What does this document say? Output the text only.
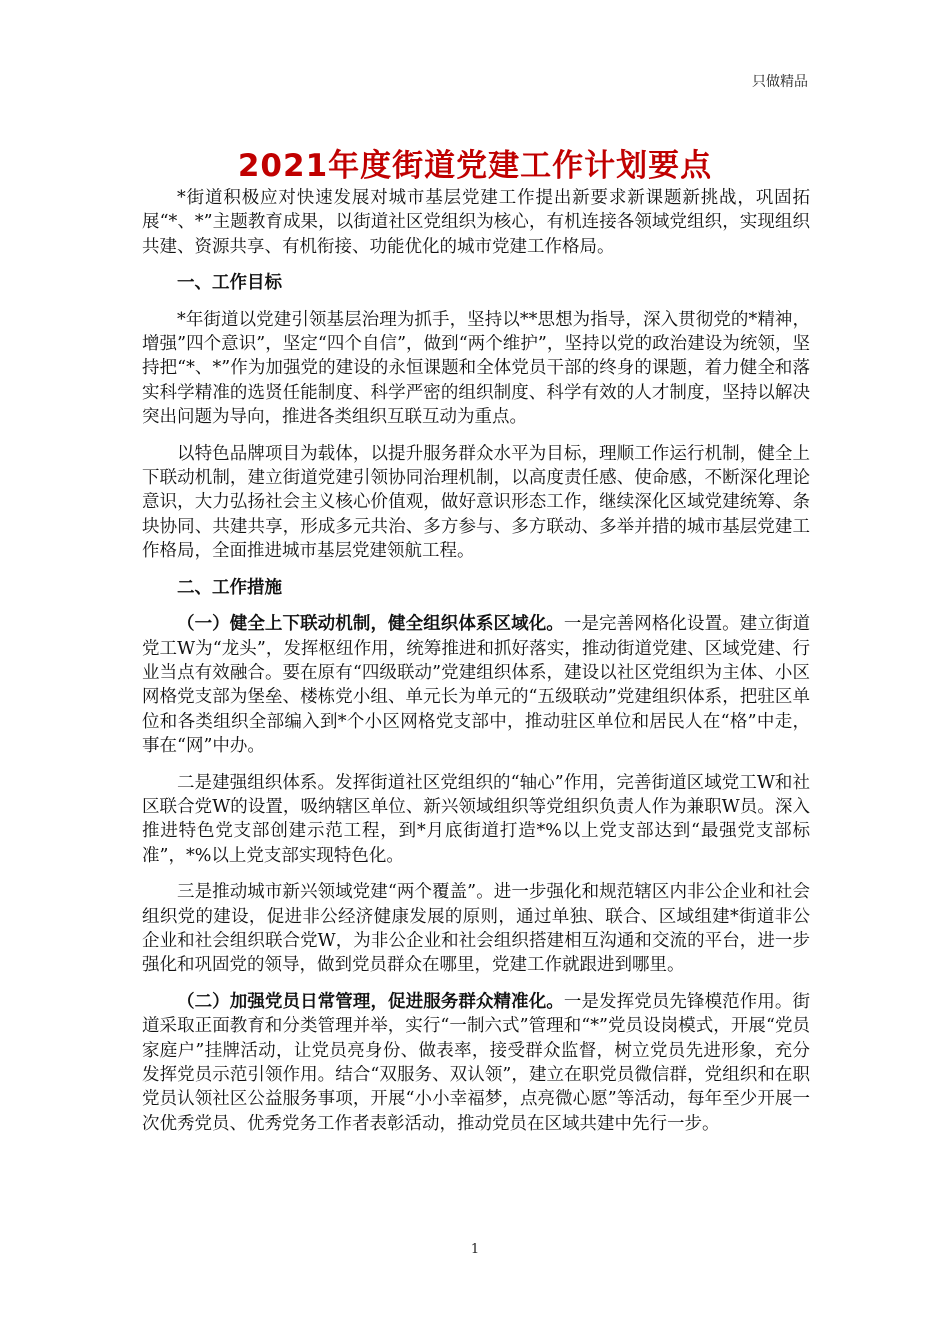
只做精品
2021年度街道党建工作计划要点

*街道积极应对快速发展对城市基层党建工作提出新要求新课题新挑战，巩固拓展“*、*”主题教育成果，以街道社区党组织为核心，有机连接各领域党组织，实现组织共建、资源共享、有机衔接、功能优化的城市党建工作格局。

一、工作目标

*年街道以党建引领基层治理为抓手，坚持以**思想为指导，深入贯彻党的*精神，增强”四个意识”，坚定“四个自信”，做到“两个维护”，坚持以党的政治建设为统领，坚持把“*、*”作为加强党的建设的永恒课题和全体党员干部的终身的课题，着力健全和落实科学精准的选贤任能制度、科学严密的组织制度、科学有效的人才制度，坚持以解决突出问题为导向，推进各类组织互联互动为重点。

以特色品牌项目为载体，以提升服务群众水平为目标，理顺工作运行机制，健全上下联动机制，建立街道党建引领协同治理机制，以高度责任感、使命感，不断深化理论意识，大力弘扬社会主义核心价值观，做好意识形态工作，继续深化区域党建统筹、条块协同、共建共享，形成多元共治、多方参与、多方联动、多举并措的城市基层党建工作格局，全面推进城市基层党建领航工程。

二、工作措施

（一）健全上下联动机制，健全组织体系区域化。一是完善网格化设置。建立街道党工W为“龙头”，发挥枢纽作用，统筹推进和抓好落实，推动街道党建、区域党建、行业当点有效融合。要在原有“四级联动”党建组织体系，建设以社区党组织为主体、小区网格党支部为堡垒、楼栋党小组、单元长为单元的“五级联动”党建组织体系，把驻区单位和各类组织全部编入到*个小区网格党支部中，推动驻区单位和居民人在“格”中走，事在“网”中办。

二是建强组织体系。发挥街道社区党组织的“轴心”作用，完善街道区域党工W和社区联合党W的设置，吸纳辖区单位、新兴领域组织等党组织负责人作为兼职W员。深入推进特色党支部创建示范工程，到*月底街道打造*%以上党支部达到“最强党支部标准”，*%以上党支部实现特色化。

三是推动城市新兴领域党建“两个覆盖”。进一步强化和规范辖区内非公企业和社会组织党的建设，促进非公经济健康发展的原则，通过单独、联合、区域组建*街道非公企业和社会组织联合党W，为非公企业和社会组织搭建相互沟通和交流的平台，进一步强化和巩固党的领导，做到党员群众在哪里，党建工作就跟进到哪里。

（二）加强党员日常管理，促进服务群众精准化。一是发挥党员先锋模范作用。街道采取正面教育和分类管理并举，实行“一制六式”管理和“*”党员设岗模式，开展“党员家庭户”挂牌活动，让党员亮身份、做表率，接受群众监督，树立党员先进形象，充分发挥党员示范引领作用。结合“双服务、双认领”，建立在职党员微信群，党组织和在职党员认领社区公益服务事项，开展“小小幸福梦，点亮微心愿”等活动，每年至少开展一次优秀党员、优秀党务工作者表彰活动，推动党员在区域共建中先行一步。

1
